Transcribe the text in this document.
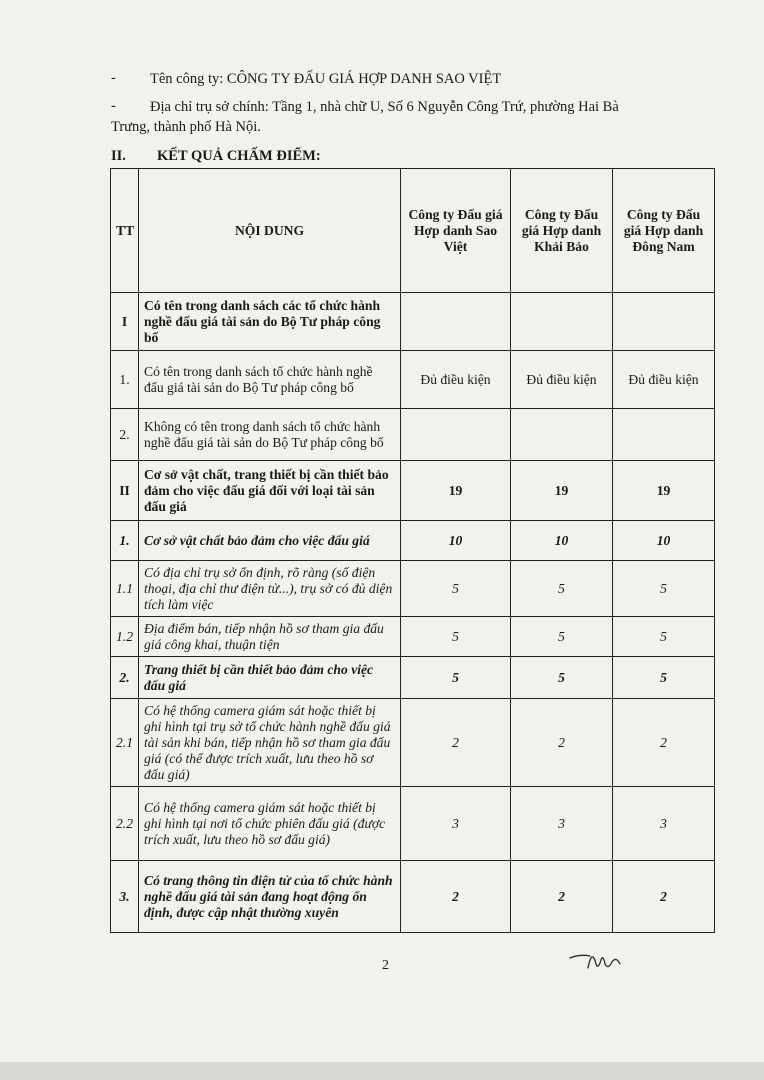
- Tên công ty: CÔNG TY ĐẤU GIÁ HỢP DANH SAO VIỆT
- Địa chỉ trụ sở chính: Tầng 1, nhà chữ U, Số 6 Nguyễn Công Trứ, phường Hai Bà
Trưng, thành phố Hà Nội.
II. KẾT QUẢ CHẤM ĐIỂM:
TT	NỘI DUNG	Công ty Đấu giá Hợp danh Sao Việt	Công ty Đấu giá Hợp danh Khải Bảo	Công ty Đấu giá Hợp danh Đông Nam
I	Có tên trong danh sách các tổ chức hành nghề đấu giá tài sản do Bộ Tư pháp công bố			
1.	Có tên trong danh sách tổ chức hành nghề đấu giá tài sản do Bộ Tư pháp công bố	Đủ điều kiện	Đủ điều kiện	Đủ điều kiện
2.	Không có tên trong danh sách tổ chức hành nghề đấu giá tài sản do Bộ Tư pháp công bố			
II	Cơ sở vật chất, trang thiết bị cần thiết bảo đảm cho việc đấu giá đối với loại tài sản đấu giá	19	19	19
1.	Cơ sở vật chất bảo đảm cho việc đấu giá	10	10	10
1.1	Có địa chỉ trụ sở ổn định, rõ ràng (số điện thoại, địa chỉ thư điện tử...), trụ sở có đủ diện tích làm việc	5	5	5
1.2	Địa điểm bán, tiếp nhận hồ sơ tham gia đấu giá công khai, thuận tiện	5	5	5
2.	Trang thiết bị cần thiết bảo đảm cho việc đấu giá	5	5	5
2.1	Có hệ thống camera giám sát hoặc thiết bị ghi hình tại trụ sở tổ chức hành nghề đấu giá tài sản khi bán, tiếp nhận hồ sơ tham gia đấu giá (có thể được trích xuất, lưu theo hồ sơ đấu giá)	2	2	2
2.2	Có hệ thống camera giám sát hoặc thiết bị ghi hình tại nơi tổ chức phiên đấu giá (được trích xuất, lưu theo hồ sơ đấu giá)	3	3	3
3.	Có trang thông tin điện tử của tổ chức hành nghề đấu giá tài sản đang hoạt động ổn định, được cập nhật thường xuyên	2	2	2
2
